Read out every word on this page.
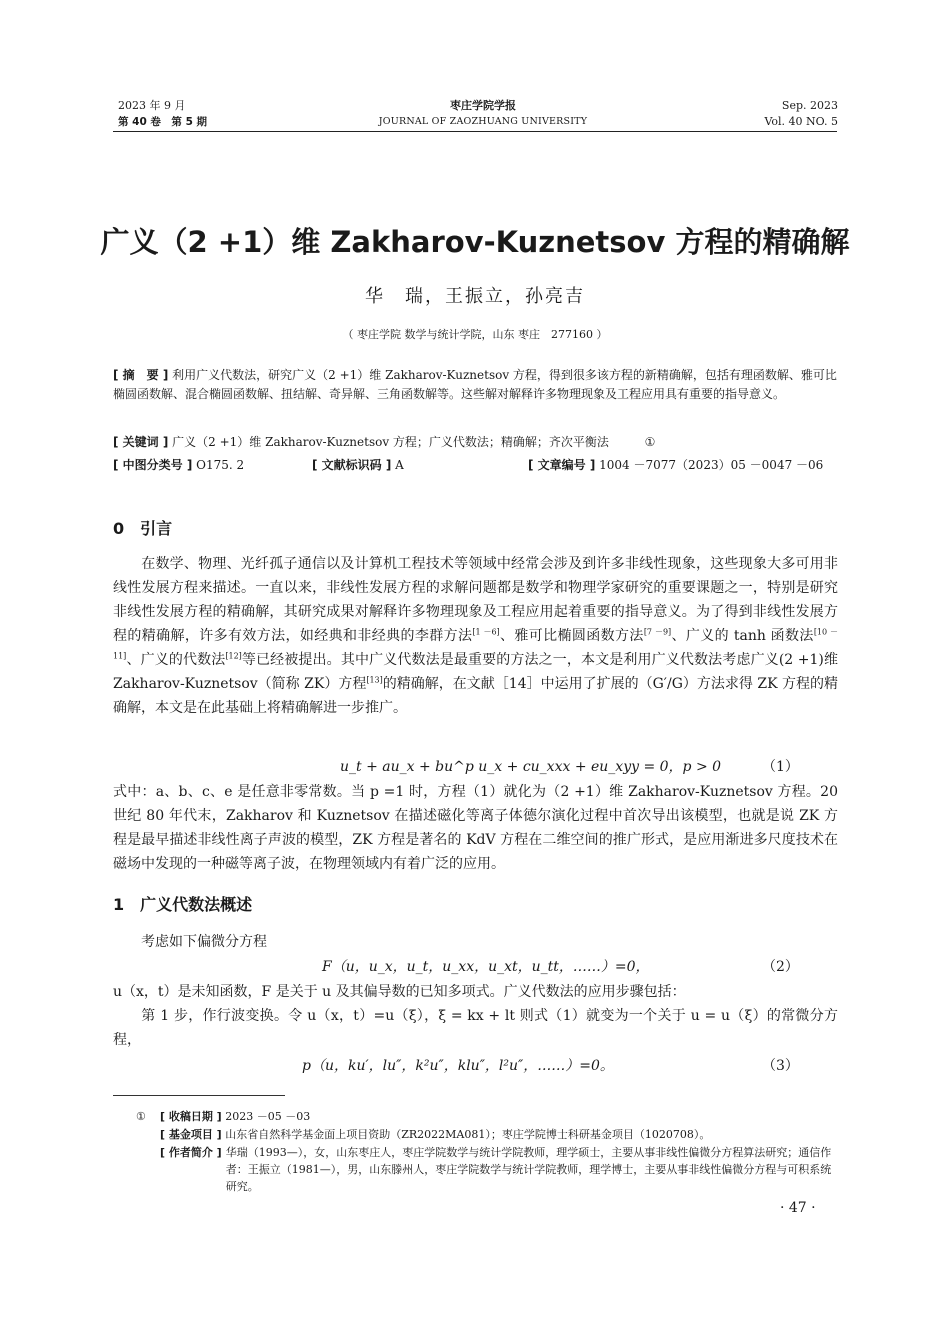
2023 年 9 月
第 40 卷　第 5 期
枣庄学院学报
JOURNAL OF ZAOZHUANG UNIVERSITY
Sep. 2023
Vol. 40 NO. 5
广义（2 +1）维 Zakharov-Kuznetsov 方程的精确解
华　瑞，王振立，孙亮吉
（ 枣庄学院 数学与统计学院，山东 枣庄　277160 ）
[ 摘　要 ] 利用广义代数法，研究广义（2 +1）维 Zakharov-Kuznetsov 方程，得到很多该方程的新精确解，包括有理函数解、雅可比椭圆函数解、混合椭圆函数解、扭结解、奇异解、三角函数解等。这些解对解释许多物理现象及工程应用具有重要的指导意义。
[ 关键词 ] 广义（2 +1）维 Zakharov-Kuznetsov 方程；广义代数法；精确解；齐次平衡法	①
[ 中图分类号 ] O175. 2	[ 文献标识码 ] A	[ 文章编号 ] 1004 －7077（2023）05 －0047 －06
0　引言
在数学、物理、光纤孤子通信以及计算机工程技术等领域中经常会涉及到许多非线性现象，这些现象大多可用非线性发展方程来描述。一直以来，非线性发展方程的求解问题都是数学和物理学家研究的重要课题之一，特别是研究非线性发展方程的精确解，其研究成果对解释许多物理现象及工程应用起着重要的指导意义。为了得到非线性发展方程的精确解，许多有效方法，如经典和非经典的李群方法[1 －6]、雅可比椭圆函数方法[7 －9]、广义的 tanh 函数法[10 －11]、广义的代数法[12]等已经被提出。其中广义代数法是最重要的方法之一，本文是利用广义代数法考虑广义(2 +1)维 Zakharov-Kuznetsov（简称 ZK）方程[13]的精确解，在文献［14］中运用了扩展的（G′/G）方法求得 ZK 方程的精确解，本文是在此基础上将精确解进一步推广。
u_t + au_x + bu^p u_x + cu_xxx + eu_xyy = 0，p > 0	（1）
式中：a、b、c、e 是任意非零常数。当 p =1 时，方程（1）就化为（2 +1）维 Zakharov-Kuznetsov 方程。20 世纪 80 年代末，Zakharov 和 Kuznetsov 在描述磁化等离子体德尔演化过程中首次导出该模型，也就是说 ZK 方程是最早描述非线性离子声波的模型，ZK 方程是著名的 KdV 方程在二维空间的推广形式，是应用渐进多尺度技术在磁场中发现的一种磁等离子波，在物理领域内有着广泛的应用。
1　广义代数法概述
考虑如下偏微分方程
F（u，u_x，u_t，u_xx，u_xt，u_tt，……）=0，	（2）
u（x，t）是未知函数，F 是关于 u 及其偏导数的已知多项式。广义代数法的应用步骤包括：
第 1 步，作行波变换。令 u（x，t）=u（ξ），ξ = kx + lt 则式（1）就变为一个关于 u = u（ξ）的常微分方程，
p（u，ku′，lu″，k²u″，klu″，l²u″，……）=0。	（3）
①	[ 收稿日期 ] 2023 －05 －03
[ 基金项目 ] 山东省自然科学基金面上项目资助（ZR2022MA081）；枣庄学院博士科研基金项目（1020708）。
[ 作者简介 ] 华瑞（1993—），女，山东枣庄人，枣庄学院数学与统计学院教师，理学硕士，主要从事非线性偏微分方程算法研究；通信作者：王振立（1981—），男，山东滕州人，枣庄学院数学与统计学院教师，理学博士，主要从事非线性偏微分方程与可积系统研究。
· 47 ·
